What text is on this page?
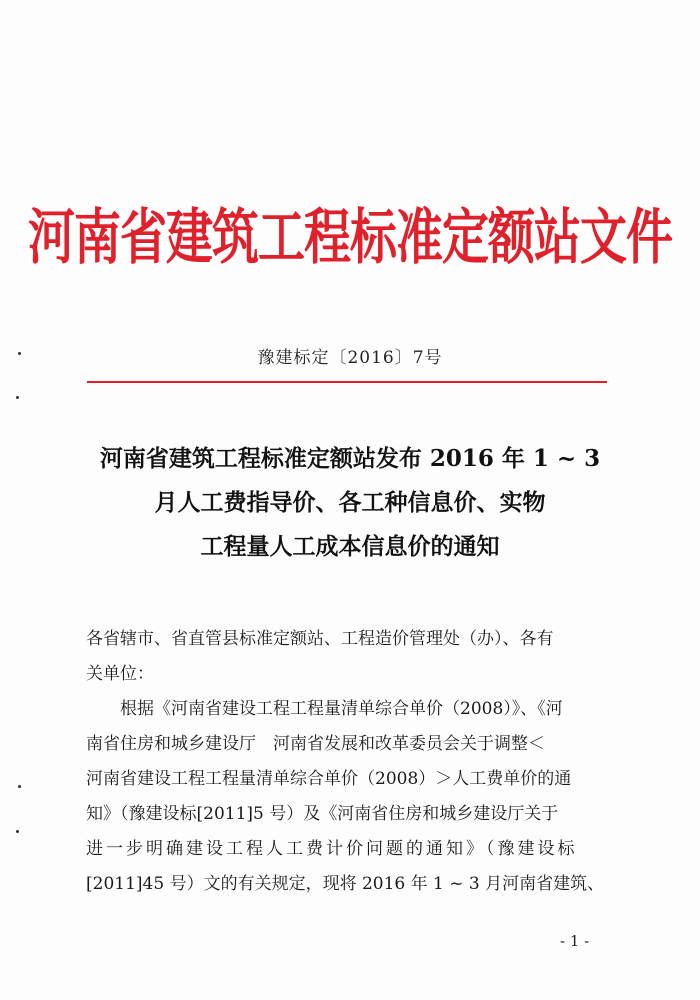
河南省建筑工程标准定额站文件
豫建标定〔2016〕7号
河南省建筑工程标准定额站发布 2016 年 1 ~ 3
月人工费指导价、各工种信息价、实物
工程量人工成本信息价的通知

各省辖市、省直管县标准定额站、工程造价管理处（办）、各有

关单位：

根据《河南省建设工程工程量清单综合单价（2008）》、《河

南省住房和城乡建设厅　河南省发展和改革委员会关于调整＜

河南省建设工程工程量清单综合单价（2008）＞人工费单价的通

知》（豫建设标[2011]5 号）及《河南省住房和城乡建设厅关于

进一步明确建设工程人工费计价问题的通知》（豫建设标

[2011]45 号）文的有关规定，现将 2016 年 1 ~ 3 月河南省建筑、

- 1 -
